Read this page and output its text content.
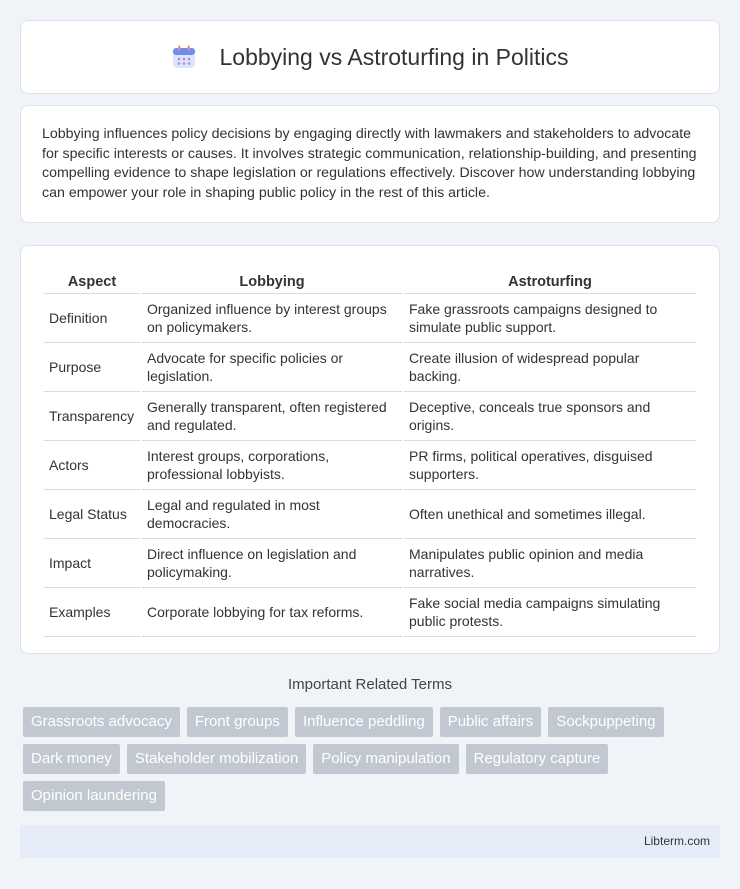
Lobbying vs Astroturfing in Politics

Lobbying influences policy decisions by engaging directly with lawmakers and stakeholders to advocate for specific interests or causes. It involves strategic communication, relationship-building, and presenting compelling evidence to shape legislation or regulations effectively. Discover how understanding lobbying can empower your role in shaping public policy in the rest of this article.

Aspect	Lobbying	Astroturfing
Definition	Organized influence by interest groups on policymakers.	Fake grassroots campaigns designed to simulate public support.
Purpose	Advocate for specific policies or legislation.	Create illusion of widespread popular backing.
Transparency	Generally transparent, often registered and regulated.	Deceptive, conceals true sponsors and origins.
Actors	Interest groups, corporations, professional lobbyists.	PR firms, political operatives, disguised supporters.
Legal Status	Legal and regulated in most democracies.	Often unethical and sometimes illegal.
Impact	Direct influence on legislation and policymaking.	Manipulates public opinion and media narratives.
Examples	Corporate lobbying for tax reforms.	Fake social media campaigns simulating public protests.
Important Related Terms
Grassroots advocacy	Front groups	Influence peddling	Public affairs	Sockpuppeting
Dark money	Stakeholder mobilization	Policy manipulation	Regulatory capture
Opinion laundering
Libterm.com
